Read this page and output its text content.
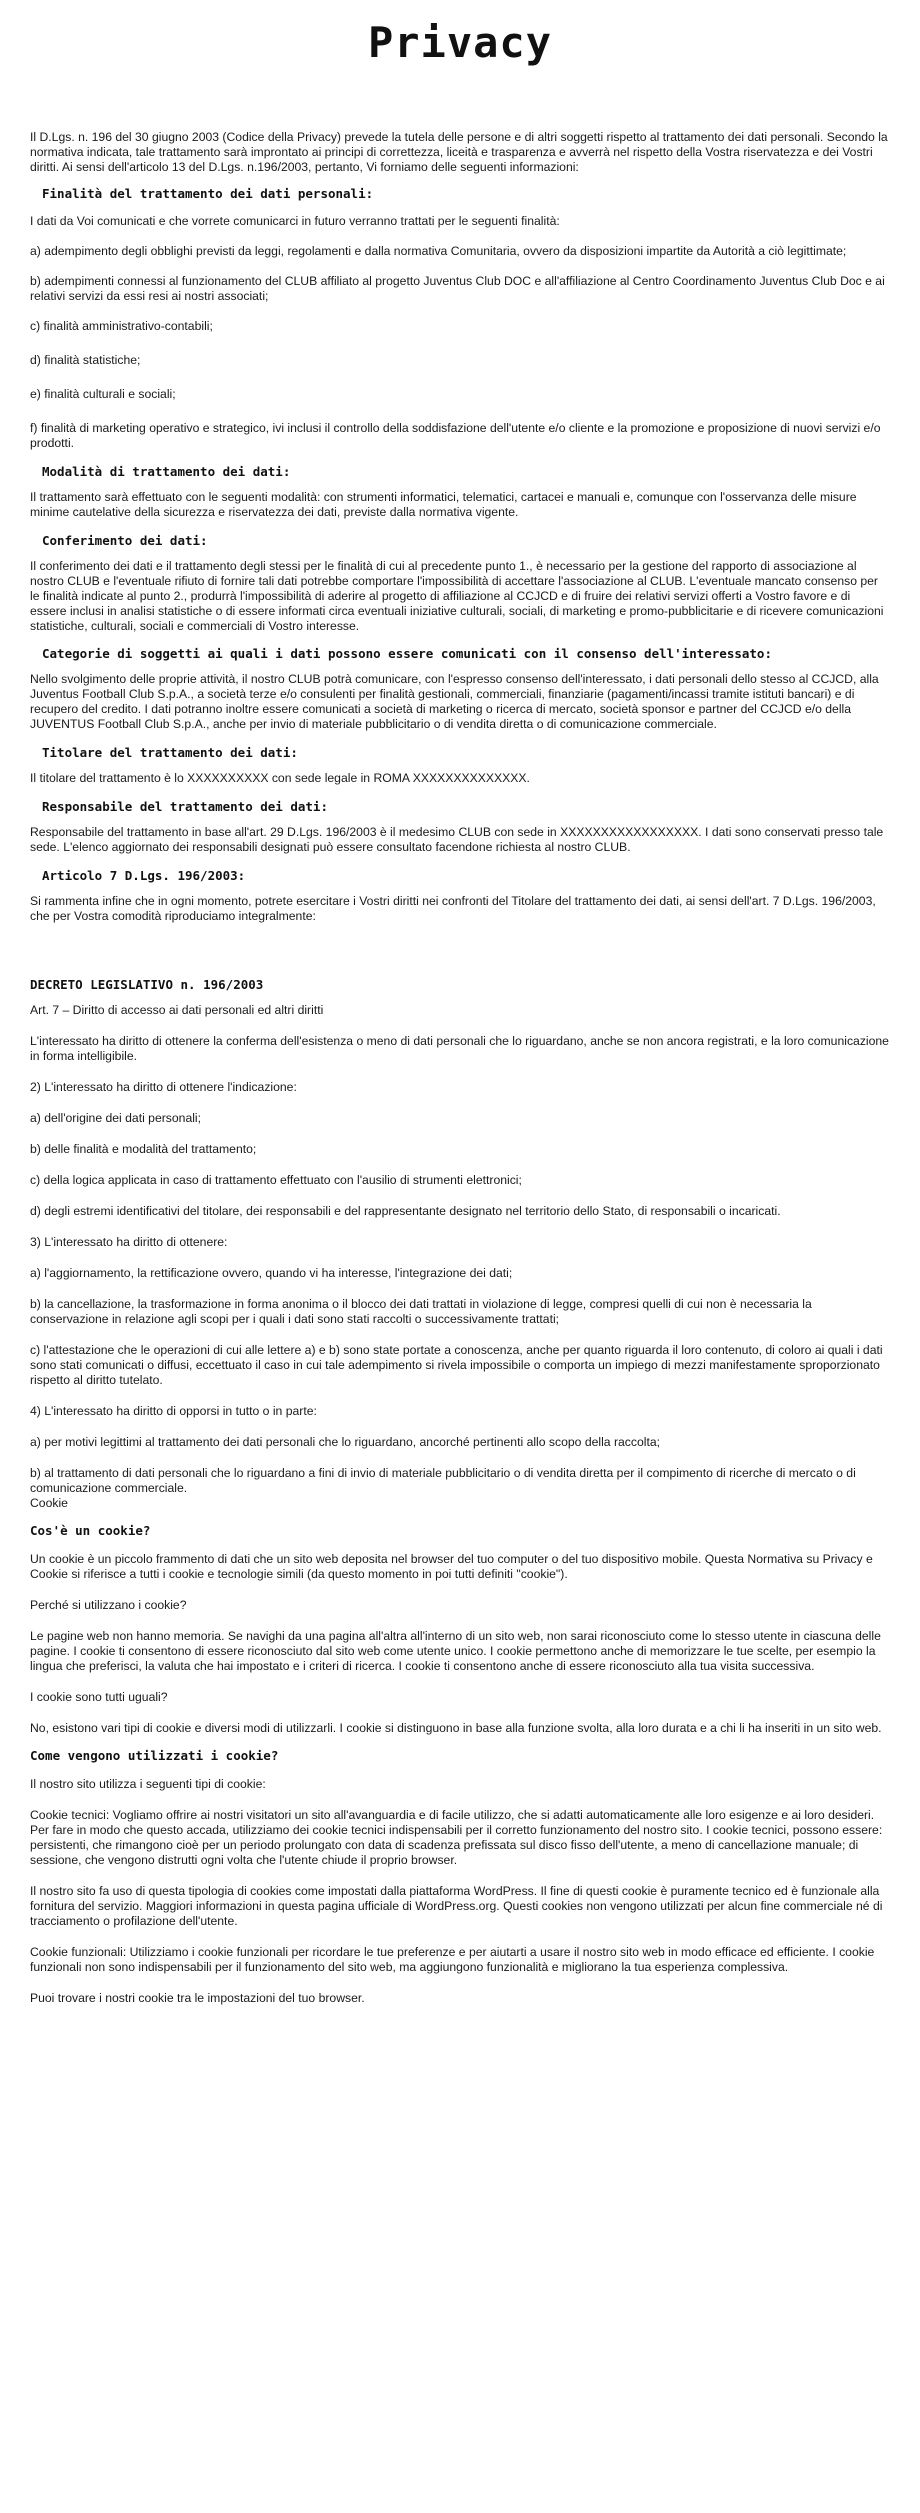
Privacy

Il D.Lgs. n. 196 del 30 giugno 2003 (Codice della Privacy) prevede la tutela delle persone e di altri soggetti rispetto al trattamento dei dati personali. Secondo la normativa indicata, tale trattamento sarà improntato ai principi di correttezza, liceità e trasparenza e avverrà nel rispetto della Vostra riservatezza e dei Vostri diritti. Ai sensi dell'articolo 13 del D.Lgs. n.196/2003, pertanto, Vi forniamo delle seguenti informazioni:

Finalità del trattamento dei dati personali:

I dati da Voi comunicati e che vorrete comunicarci in futuro verranno trattati per le seguenti finalità:

a) adempimento degli obblighi previsti da leggi, regolamenti e dalla normativa Comunitaria, ovvero da disposizioni impartite da Autorità a ciò legittimate;

b) adempimenti connessi al funzionamento del CLUB affiliato al progetto Juventus Club DOC e all'affiliazione al Centro Coordinamento Juventus Club Doc e ai relativi servizi da essi resi ai nostri associati;

c) finalità amministrativo-contabili;

d) finalità statistiche;

e) finalità culturali e sociali;

f) finalità di marketing operativo e strategico, ivi inclusi il controllo della soddisfazione dell'utente e/o cliente e la promozione e proposizione di nuovi servizi e/o prodotti.

Modalità di trattamento dei dati:

Il trattamento sarà effettuato con le seguenti modalità: con strumenti informatici, telematici, cartacei e manuali e, comunque con l'osservanza delle misure minime cautelative della sicurezza e riservatezza dei dati, previste dalla normativa vigente.

Conferimento dei dati:

Il conferimento dei dati e il trattamento degli stessi per le finalità di cui al precedente punto 1., è necessario per la gestione del rapporto di associazione al nostro CLUB e l'eventuale rifiuto di fornire tali dati potrebbe comportare l'impossibilità di accettare l'associazione al CLUB. L'eventuale mancato consenso per le finalità indicate al punto 2., produrrà l'impossibilità di aderire al progetto di affiliazione al CCJCD e di fruire dei relativi servizi offerti a Vostro favore e di essere inclusi in analisi statistiche o di essere informati circa eventuali iniziative culturali, sociali, di marketing e promo-pubblicitarie e di ricevere comunicazioni statistiche, culturali, sociali e commerciali di Vostro interesse.

Categorie di soggetti ai quali i dati possono essere comunicati con il consenso dell'interessato:

Nello svolgimento delle proprie attività, il nostro CLUB potrà comunicare, con l'espresso consenso dell'interessato, i dati personali dello stesso al CCJCD, alla Juventus Football Club S.p.A., a società terze e/o consulenti per finalità gestionali, commerciali, finanziarie (pagamenti/incassi tramite istituti bancari) e di recupero del credito. I dati potranno inoltre essere comunicati a società di marketing o ricerca di mercato, società sponsor e partner del CCJCD e/o della JUVENTUS Football Club S.p.A., anche per invio di materiale pubblicitario o di vendita diretta o di comunicazione commerciale.

Titolare del trattamento dei dati:

Il titolare del trattamento è lo XXXXXXXXXX con sede legale in ROMA XXXXXXXXXXXXXX.

Responsabile del trattamento dei dati:

Responsabile del trattamento in base all'art. 29 D.Lgs. 196/2003 è il medesimo CLUB con sede in XXXXXXXXXXXXXXXXX. I dati sono conservati presso tale sede. L'elenco aggiornato dei responsabili designati può essere consultato facendone richiesta al nostro CLUB.

Articolo 7 D.Lgs. 196/2003:

Si rammenta infine che in ogni momento, potrete esercitare i Vostri diritti nei confronti del Titolare del trattamento dei dati, ai sensi dell'art. 7 D.Lgs. 196/2003, che per Vostra comodità riproduciamo integralmente:

DECRETO LEGISLATIVO n. 196/2003

Art. 7 – Diritto di accesso ai dati personali ed altri diritti

L'interessato ha diritto di ottenere la conferma dell'esistenza o meno di dati personali che lo riguardano, anche se non ancora registrati, e la loro comunicazione in forma intelligibile.

2) L'interessato ha diritto di ottenere l'indicazione:

a) dell'origine dei dati personali;

b) delle finalità e modalità del trattamento;

c) della logica applicata in caso di trattamento effettuato con l'ausilio di strumenti elettronici;

d) degli estremi identificativi del titolare, dei responsabili e del rappresentante designato nel territorio dello Stato, di responsabili o incaricati.

3) L'interessato ha diritto di ottenere:

a) l'aggiornamento, la rettificazione ovvero, quando vi ha interesse, l'integrazione dei dati;

b) la cancellazione, la trasformazione in forma anonima o il blocco dei dati trattati in violazione di legge, compresi quelli di cui non è necessaria la conservazione in relazione agli scopi per i quali i dati sono stati raccolti o successivamente trattati;

c) l'attestazione che le operazioni di cui alle lettere a) e b) sono state portate a conoscenza, anche per quanto riguarda il loro contenuto, di coloro ai quali i dati sono stati comunicati o diffusi, eccettuato il caso in cui tale adempimento si rivela impossibile o comporta un impiego di mezzi manifestamente sproporzionato rispetto al diritto tutelato.

4) L'interessato ha diritto di opporsi in tutto o in parte:

a) per motivi legittimi al trattamento dei dati personali che lo riguardano, ancorché pertinenti allo scopo della raccolta;

b) al trattamento di dati personali che lo riguardano a fini di invio di materiale pubblicitario o di vendita diretta per il compimento di ricerche di mercato o di comunicazione commerciale.

Cookie

Cos'è un cookie?

Un cookie è un piccolo frammento di dati che un sito web deposita nel browser del tuo computer o del tuo dispositivo mobile. Questa Normativa su Privacy e Cookie si riferisce a tutti i cookie e tecnologie simili (da questo momento in poi tutti definiti "cookie").

Perché si utilizzano i cookie?

Le pagine web non hanno memoria. Se navighi da una pagina all'altra all'interno di un sito web, non sarai riconosciuto come lo stesso utente in ciascuna delle pagine. I cookie ti consentono di essere riconosciuto dal sito web come utente unico. I cookie permettono anche di memorizzare le tue scelte, per esempio la lingua che preferisci, la valuta che hai impostato e i criteri di ricerca. I cookie ti consentono anche di essere riconosciuto alla tua visita successiva.

I cookie sono tutti uguali?

No, esistono vari tipi di cookie e diversi modi di utilizzarli. I cookie si distinguono in base alla funzione svolta, alla loro durata e a chi li ha inseriti in un sito web.

Come vengono utilizzati i cookie?

Il nostro sito utilizza i seguenti tipi di cookie:

Cookie tecnici: Vogliamo offrire ai nostri visitatori un sito all'avanguardia e di facile utilizzo, che si adatti automaticamente alle loro esigenze e ai loro desideri. Per fare in modo che questo accada, utilizziamo dei cookie tecnici indispensabili per il corretto funzionamento del nostro sito. I cookie tecnici, possono essere: persistenti, che rimangono cioè per un periodo prolungato con data di scadenza prefissata sul disco fisso dell'utente, a meno di cancellazione manuale; di sessione, che vengono distrutti ogni volta che l'utente chiude il proprio browser.

Il nostro sito fa uso di questa tipologia di cookies come impostati dalla piattaforma WordPress. Il fine di questi cookie è puramente tecnico ed è funzionale alla fornitura del servizio. Maggiori informazioni in questa pagina ufficiale di WordPress.org. Questi cookies non vengono utilizzati per alcun fine commerciale né di tracciamento o profilazione dell'utente.

Cookie funzionali: Utilizziamo i cookie funzionali per ricordare le tue preferenze e per aiutarti a usare il nostro sito web in modo efficace ed efficiente. I cookie funzionali non sono indispensabili per il funzionamento del sito web, ma aggiungono funzionalità e migliorano la tua esperienza complessiva.

Puoi trovare i nostri cookie tra le impostazioni del tuo browser.
